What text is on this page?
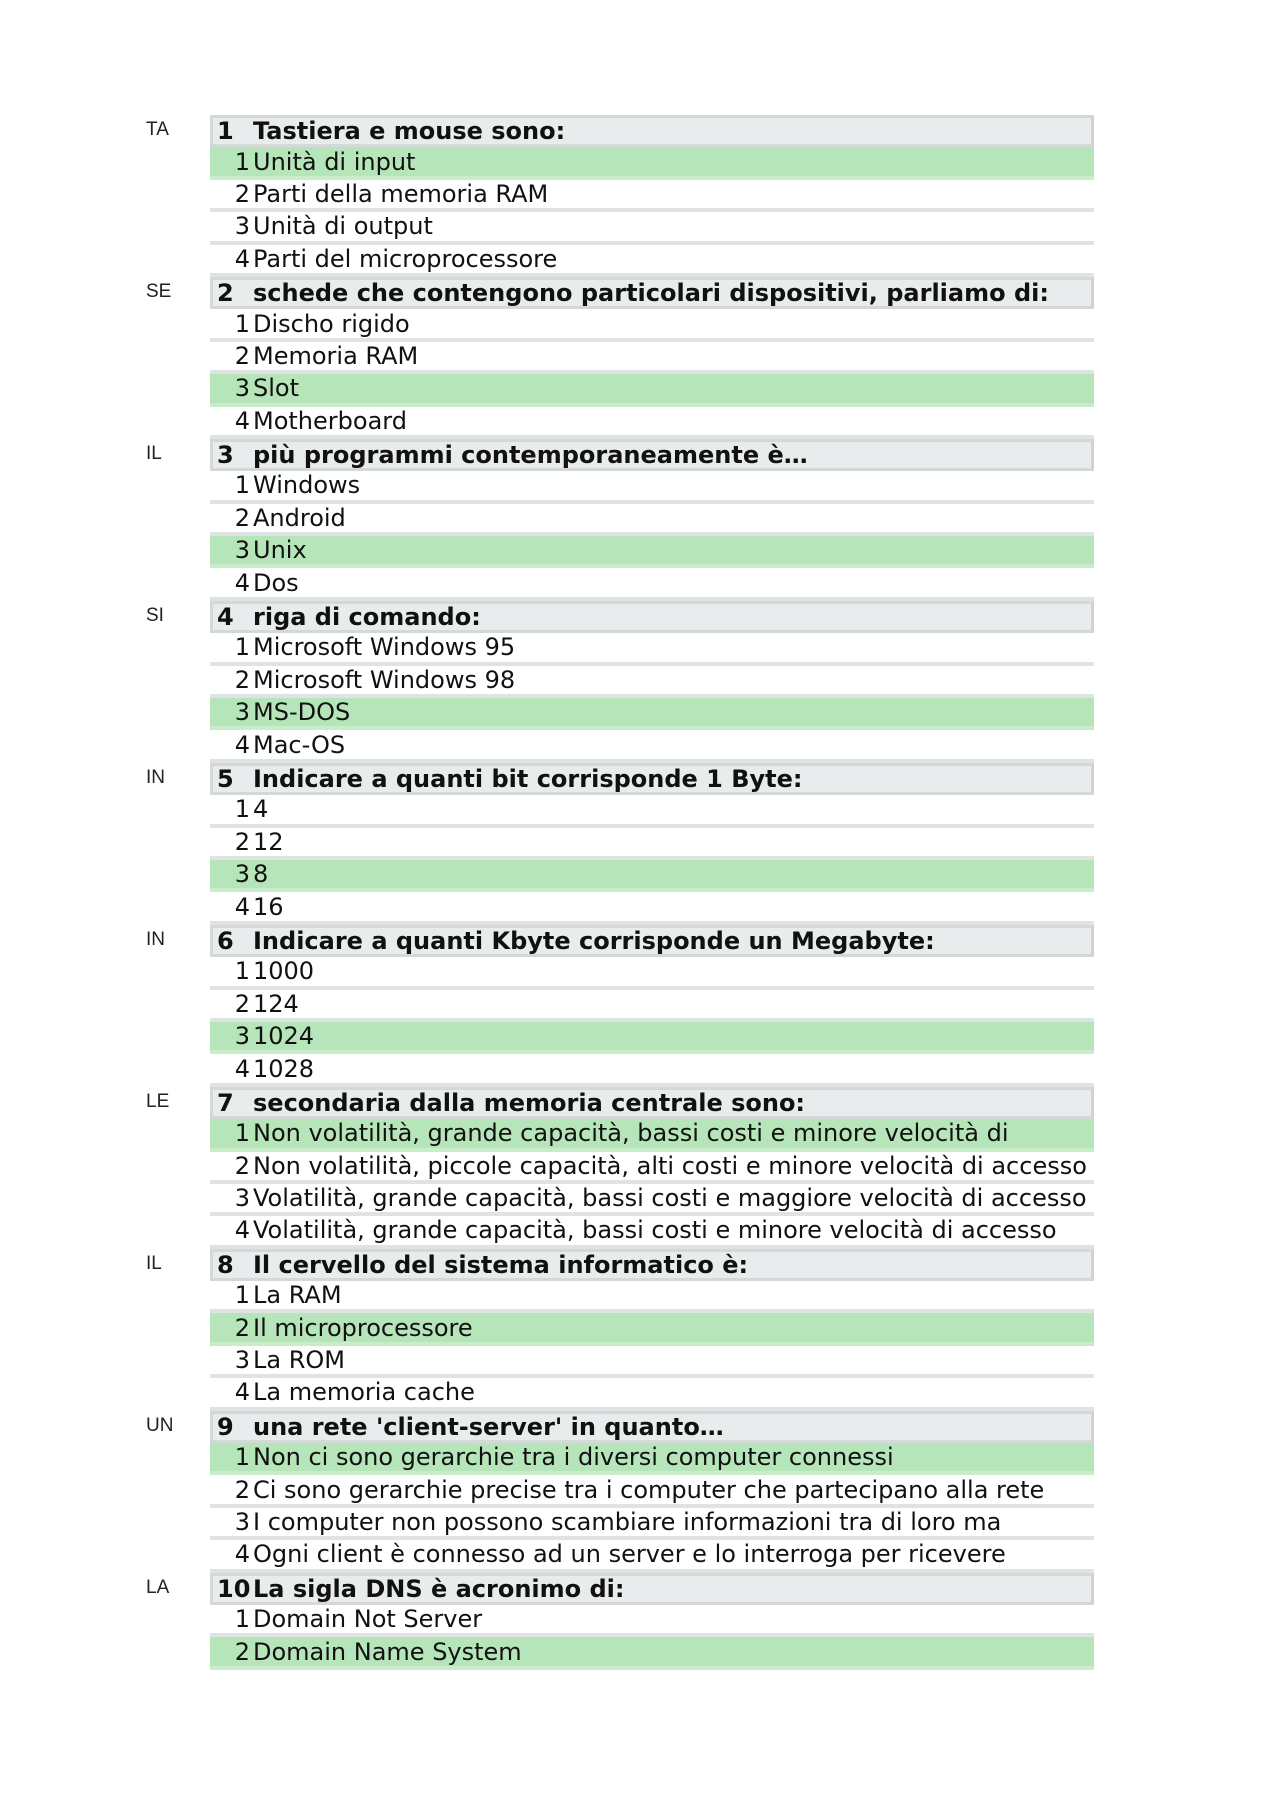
TA	1 Tastiera e mouse sono:
1 Unità di input
2 Parti della memoria RAM
3 Unità di output
4 Parti del microprocessore
SE	2 schede che contengono particolari dispositivi, parliamo di:
1 Discho rigido
2 Memoria RAM
3 Slot
4 Motherboard
IL	3 più programmi contemporaneamente è…
1 Windows
2 Android
3 Unix
4 Dos
SI	4 riga di comando:
1 Microsoft Windows 95
2 Microsoft Windows 98
3 MS-DOS
4 Mac-OS
IN	5 Indicare a quanti bit corrisponde 1 Byte:
1 4
2 12
3 8
4 16
IN	6 Indicare a quanti Kbyte corrisponde un Megabyte:
1 1000
2 124
3 1024
4 1028
LE	7 secondaria dalla memoria centrale sono:
1 Non volatilità, grande capacità, bassi costi e minore velocità di
2 Non volatilità, piccole capacità, alti costi e minore velocità di accesso
3 Volatilità, grande capacità, bassi costi e maggiore velocità di accesso
4 Volatilità, grande capacità, bassi costi e minore velocità di accesso
IL	8 Il cervello del sistema informatico è:
1 La RAM
2 Il microprocessore
3 La ROM
4 La memoria cache
UN	9 una rete 'client-server' in quanto…
1 Non ci sono gerarchie tra i diversi computer connessi
2 Ci sono gerarchie precise tra i computer che partecipano alla rete
3 I computer non possono scambiare informazioni tra di loro ma
4 Ogni client è connesso ad un server e lo interroga per ricevere
LA	10 La sigla DNS è acronimo di:
1 Domain Not Server
2 Domain Name System
